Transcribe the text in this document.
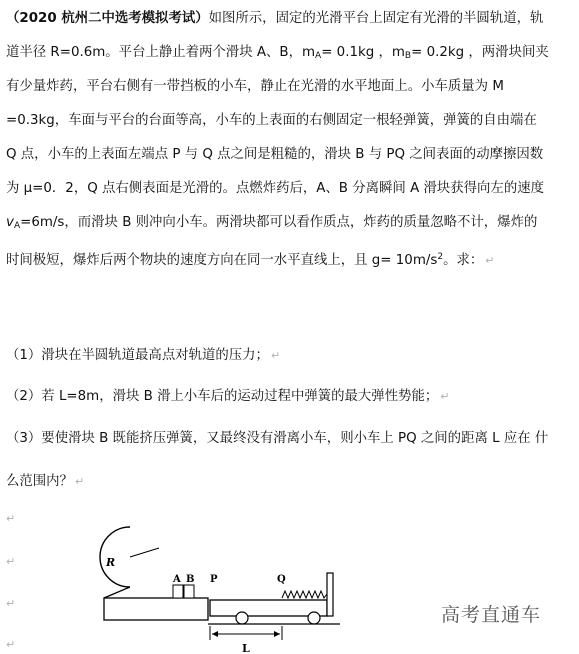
（2020 杭州二中选考模拟考试）如图所示，固定的光滑平台上固定有光滑的半圆轨道，轨
道半径 R=0.6m。平台上静止着两个滑块 A、B，$m_A= 0.1kg$ ，$m_B= 0.2kg$ ，两滑块间夹
有少量炸药，平台右侧有一带挡板的小车，静止在光滑的水平地面上。小车质量为 M
=0.3kg，车面与平台的台面等高，小车的上表面的右侧固定一根轻弹簧，弹簧的自由端在
Q 点，小车的上表面左端点 P 与 Q 点之间是粗糙的，滑块 B 与 PQ 之间表面的动摩擦因数
为 μ=0．2，Q 点右侧表面是光滑的。点燃炸药后，A、B 分离瞬间 A 滑块获得向左的速度
$v_A=6m/s$，而滑块 B 则冲向小车。两滑块都可以看作质点，炸药的质量忽略不计，爆炸的
时间极短，爆炸后两个物块的速度方向在同一水平直线上，且 $g= 10m/s^2$。求： ↵
（1）滑块在半圆轨道最高点对轨道的压力； ↵
（2）若 L=8m，滑块 B 滑上小车后的运动过程中弹簧的最大弹性势能； ↵
（3）要使滑块 B 既能挤压弹簧，又最终没有滑离小车，则小车上 PQ 之间的距离 L 应在 什
么范围内？ ↵
↵
↵
↵
↵
R
A B P	Q
L
高考直通车
